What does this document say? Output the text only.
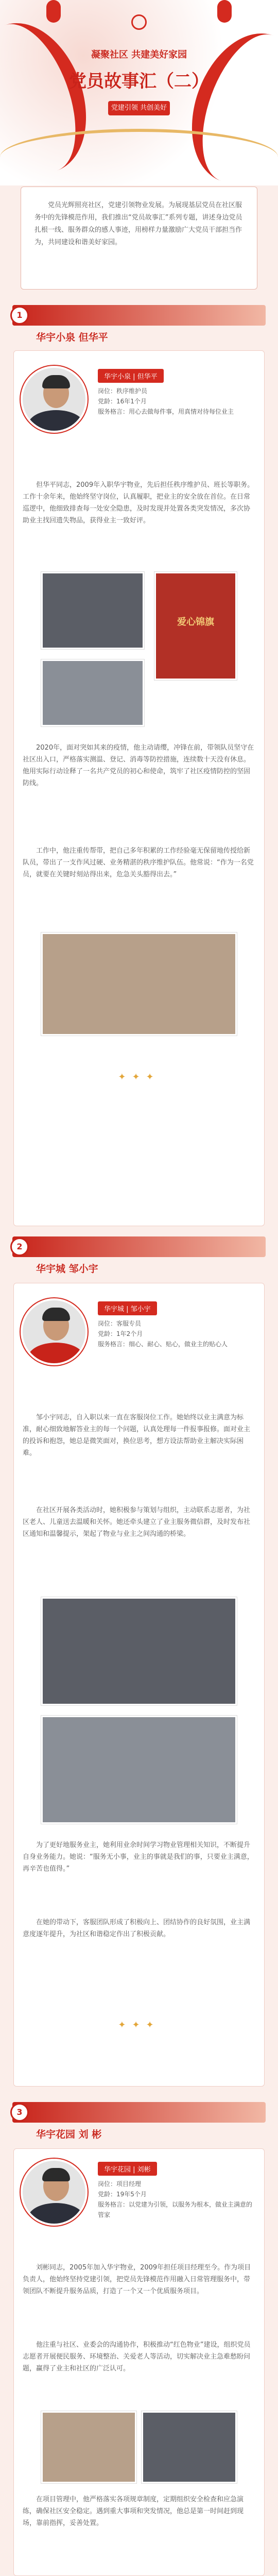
凝聚社区 共建美好家园
党员故事汇（二）
党建引领 共创美好

党员光辉照亮社区，党建引领物业发展。为展现基层党员在社区服务中的先锋模范作用，我们推出“党员故事汇”系列专题，讲述身边党员扎根一线、服务群众的感人事迹，用榜样力量激励广大党员干部担当作为，共同建设和谐美好家园。

1
华宇小泉 但华平
华宇小泉 | 但华平
岗位：秩序维护员
党龄：16年1个月
服务格言：用心去做每件事，用真情对待每位业主
但华平同志，2009年入职华宇物业，先后担任秩序维护员、班长等职务。工作十余年来，他始终坚守岗位，认真履职，把业主的安全放在首位。在日常巡逻中，他细致排查每一处安全隐患，及时发现并处置各类突发情况，多次协助业主找回遗失物品，获得业主一致好评。
爱心锦旗
2020年，面对突如其来的疫情，他主动请缨，冲锋在前，带领队员坚守在社区出入口，严格落实测温、登记、消毒等防控措施，连续数十天没有休息。他用实际行动诠释了一名共产党员的初心和使命，筑牢了社区疫情防控的坚固防线。
工作中，他注重传帮带，把自己多年积累的工作经验毫无保留地传授给新队员，带出了一支作风过硬、业务精湛的秩序维护队伍。他常说：“作为一名党员，就要在关键时刻站得出来，危急关头豁得出去。”
✦✦✦
2
华宇城 邹小宇
华宇城 | 邹小宇
岗位：客服专员
党龄：1年2个月
服务格言：细心、耐心、贴心，做业主的贴心人
邹小宇同志，自入职以来一直在客服岗位工作。她始终以业主满意为标准，耐心细致地解答业主的每一个问题，认真处理每一件报事报修。面对业主的投诉和抱怨，她总是微笑面对，换位思考，想方设法帮助业主解决实际困难。
在社区开展各类活动时，她积极参与策划与组织，主动联系志愿者，为社区老人、儿童送去温暖和关怀。她还牵头建立了业主服务微信群，及时发布社区通知和温馨提示，架起了物业与业主之间沟通的桥梁。
为了更好地服务业主，她利用业余时间学习物业管理相关知识，不断提升自身业务能力。她说：“服务无小事，业主的事就是我们的事，只要业主满意，再辛苦也值得。”
在她的带动下，客服团队形成了积极向上、团结协作的良好氛围，业主满意度逐年提升，为社区和谐稳定作出了积极贡献。
✦✦✦
3
华宇花园 刘 彬
华宇花园 | 刘彬
岗位：项目经理
党龄：19年5个月
服务格言：以党建为引领，以服务为根本，做业主满意的管家
刘彬同志，2005年加入华宇物业，2009年担任项目经理至今。作为项目负责人，他始终坚持党建引领，把党员先锋模范作用融入日常管理服务中，带领团队不断提升服务品质，打造了一个又一个优质服务项目。
他注重与社区、业委会的沟通协作，积极推动“红色物业”建设，组织党员志愿者开展便民服务、环境整治、关爱老人等活动，切实解决业主急难愁盼问题，赢得了业主和社区的广泛认可。
在项目管理中，他严格落实各项规章制度，定期组织安全检查和应急演练，确保社区安全稳定。遇到重大事项和突发情况，他总是第一时间赶到现场，靠前指挥，妥善处置。
